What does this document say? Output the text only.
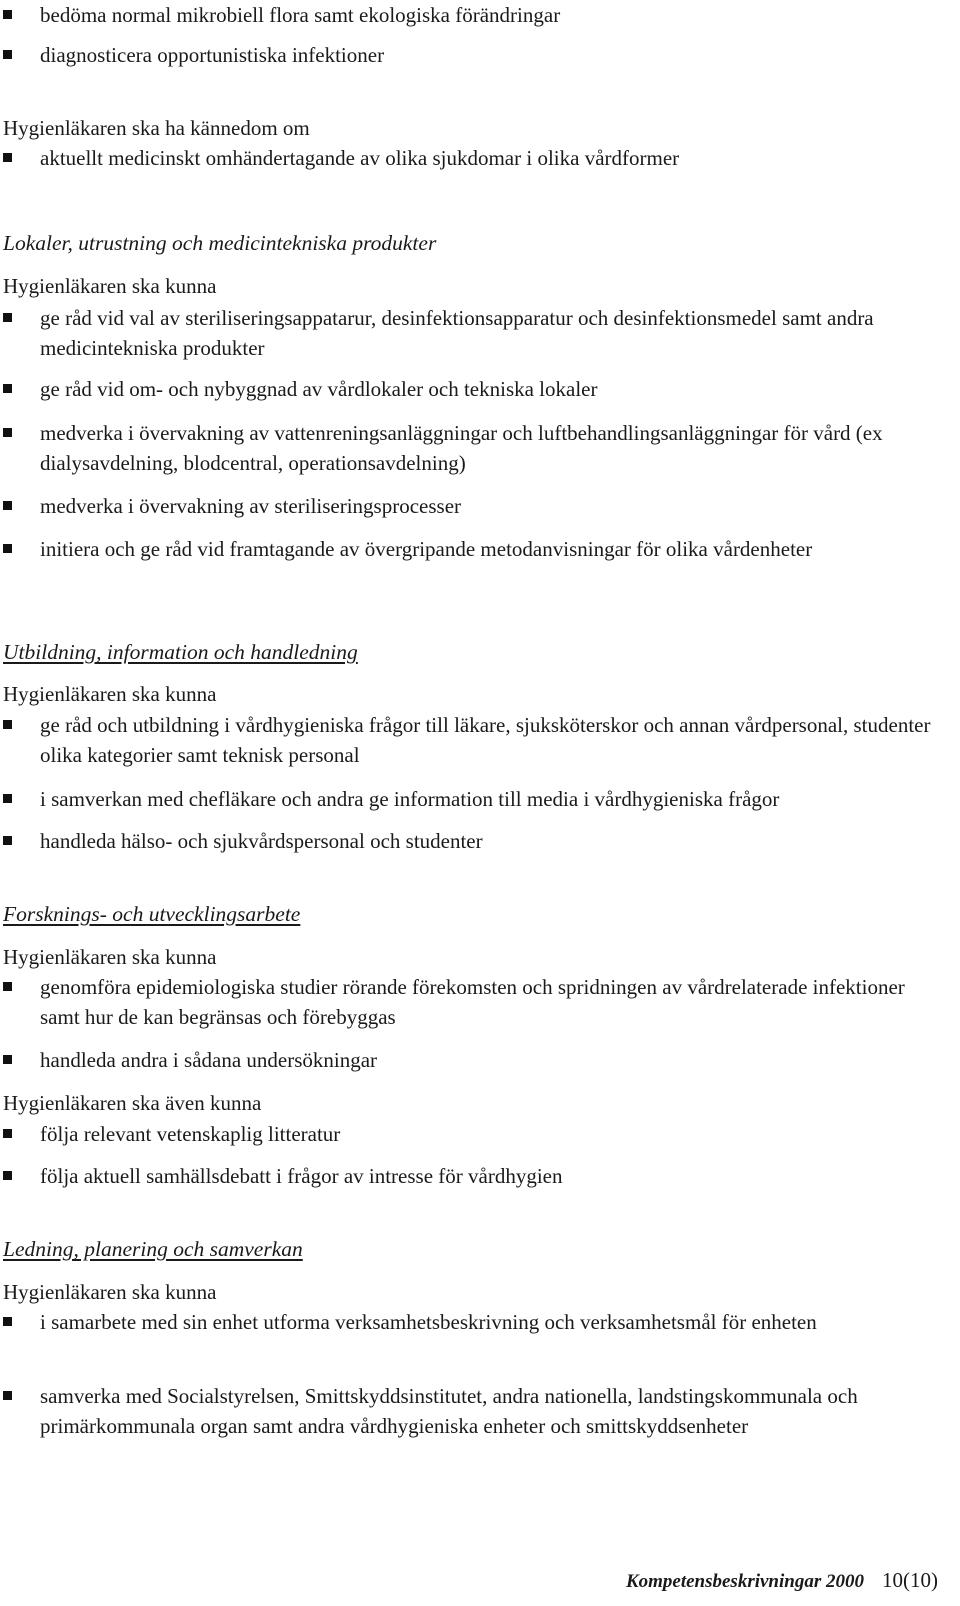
bedöma normal mikrobiell flora samt ekologiska förändringar
diagnosticera opportunistiska infektioner

Hygienläkaren ska ha kännedom om

aktuellt medicinskt omhändertagande av olika sjukdomar i olika vårdformer
Lokaler, utrustning och medicintekniska produkter

Hygienläkaren ska kunna

ge råd vid val av steriliseringsappatarur, desinfektionsapparatur och desinfektionsmedel samt andra medicintekniska produkter
ge råd vid om- och nybyggnad av vårdlokaler och tekniska lokaler
medverka i övervakning av vattenreningsanläggningar och luftbehandlingsanläggningar för vård (ex dialysavdelning, blodcentral, operationsavdelning)
medverka i övervakning av steriliseringsprocesser
initiera och ge råd vid framtagande av övergripande metodanvisningar för olika vårdenheter
Utbildning, information och handledning

Hygienläkaren ska kunna

ge råd och utbildning i vårdhygieniska frågor till läkare, sjuksköterskor och annan vårdpersonal, studenter olika kategorier samt teknisk personal
i samverkan med chefläkare och andra ge information till media i vårdhygieniska frågor
handleda hälso- och sjukvårdspersonal och studenter
Forsknings- och utvecklingsarbete

Hygienläkaren ska kunna

genomföra epidemiologiska studier rörande förekomsten och spridningen av vårdrelaterade infektioner samt hur de kan begränsas och förebyggas
handleda andra i sådana undersökningar

Hygienläkaren ska även kunna

följa relevant vetenskaplig litteratur
följa aktuell samhällsdebatt i frågor av intresse för vårdhygien
Ledning, planering och samverkan

Hygienläkaren ska kunna

i samarbete med sin enhet utforma verksamhetsbeskrivning och verksamhetsmål för enheten
samverka med Socialstyrelsen, Smittskyddsinstitutet, andra nationella, landstingskommunala och primärkommunala organ samt andra vårdhygieniska enheter och smittskyddsenheter
Kompetensbeskrivningar 2000 10(10)
